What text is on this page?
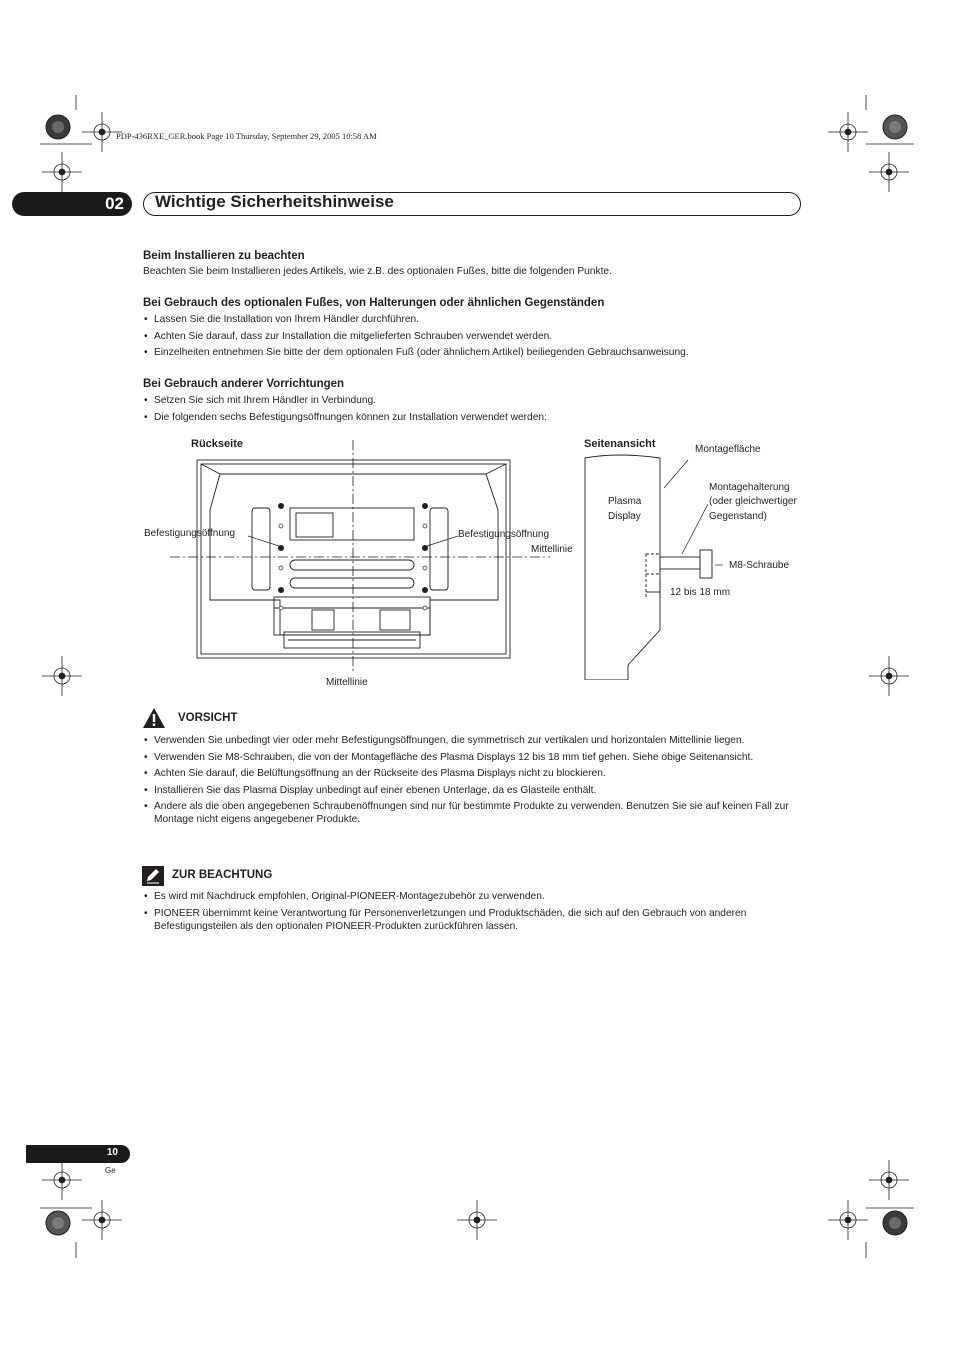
PDP-436RXE_GER.book Page 10 Thursday, September 29, 2005 10:58 AM
02 Wichtige Sicherheitshinweise
Beim Installieren zu beachten
Beachten Sie beim Installieren jedes Artikels, wie z.B. des optionalen Fußes, bitte die folgenden Punkte.
Bei Gebrauch des optionalen Fußes, von Halterungen oder ähnlichen Gegenständen
• Lassen Sie die Installation von Ihrem Händler durchführen.
• Achten Sie darauf, dass zur Installation die mitgelieferten Schrauben verwendet werden.
• Einzelheiten entnehmen Sie bitte der dem optionalen Fuß (oder ähnlichem Artikel) beiliegenden Gebrauchsanweisung.
Bei Gebrauch anderer Vorrichtungen
• Setzen Sie sich mit Ihrem Händler in Verbindung.
• Die folgenden sechs Befestigungsöffnungen können zur Installation verwendet werden:
Rückseite
Befestigungsöffnung	Befestigungsöffnung
Mittellinie
Mittellinie
Seitenansicht	Montagefläche
Plasma
Display
Montagehalterung
(oder gleichwertiger
Gegenstand)
M8-Schraube
12 bis 18 mm
VORSICHT
• Verwenden Sie unbedingt vier oder mehr Befestigungsöffnungen, die symmetrisch zur vertikalen und horizontalen Mittellinie liegen.
• Verwenden Sie M8-Schrauben, die von der Montagefläche des Plasma Displays 12 bis 18 mm tief gehen. Siehe obige Seitenansicht.
• Achten Sie darauf, die Belüftungsöffnung an der Rückseite des Plasma Displays nicht zu blockieren.
• Installieren Sie das Plasma Display unbedingt auf einer ebenen Unterlage, da es Glasteile enthält.
• Andere als die oben angegebenen Schraubenöffnungen sind nur für bestimmte Produkte zu verwenden. Benutzen Sie sie auf keinen Fall zur Montage nicht eigens angegebener Produkte.
ZUR BEACHTUNG
• Es wird mit Nachdruck empfohlen, Original-PIONEER-Montagezubehör zu verwenden.
• PIONEER übernimmt keine Verantwortung für Personenverletzungen und Produktschäden, die sich auf den Gebrauch von anderen Befestigungsteilen als den optionalen PIONEER-Produkten zurückführen lassen.
10
Ge
